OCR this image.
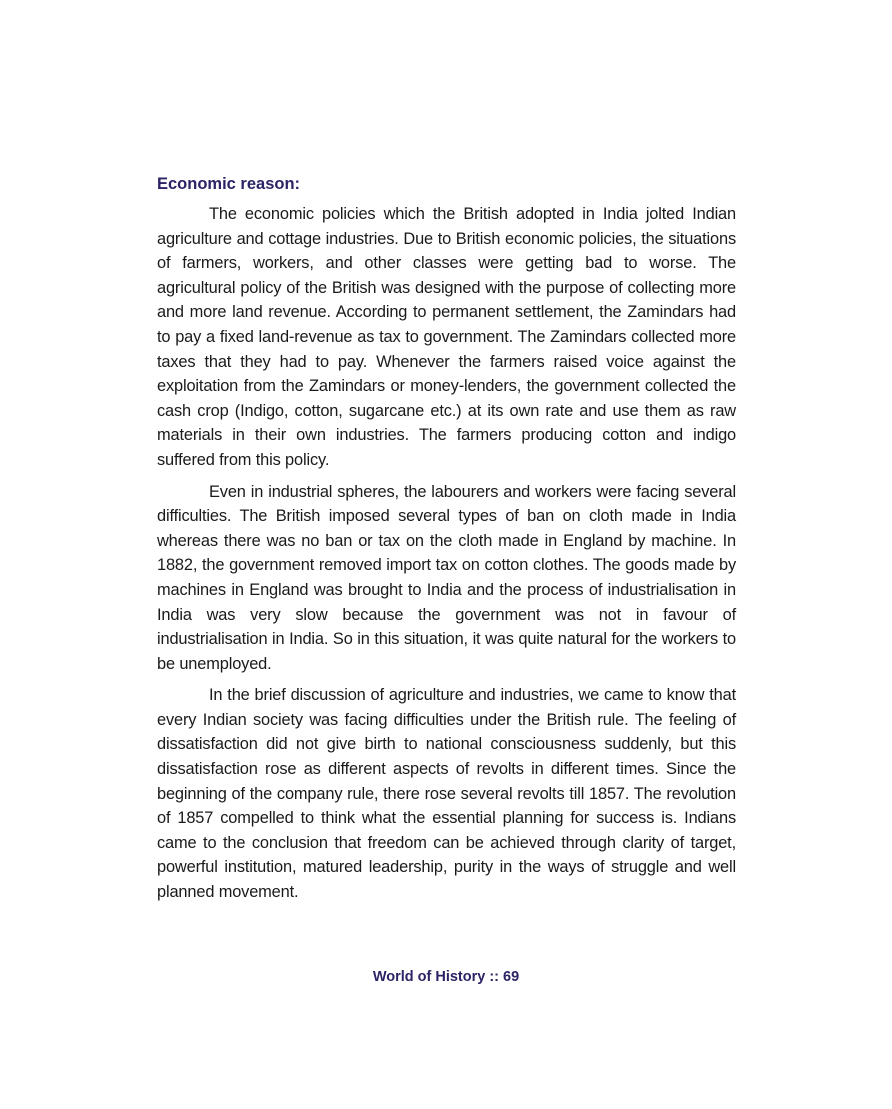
Economic reason:

The economic policies which the British adopted in India jolted Indian agriculture and cottage industries. Due to British economic policies, the situations of farmers, workers, and other classes were getting bad to worse. The agricultural policy of the British was designed with the purpose of collecting more and more land revenue. According to permanent settlement, the Zamindars had to pay a fixed land-revenue as tax to government. The Zamindars collected more taxes that they had to pay. Whenever the farmers raised voice against the exploitation from the Zamindars or money-lenders, the government collected the cash crop (Indigo, cotton, sugarcane etc.) at its own rate and use them as raw materials in their own industries. The farmers producing cotton and indigo suffered from this policy.

Even in industrial spheres, the labourers and workers were facing several difficulties. The British imposed several types of ban on cloth made in India whereas there was no ban or tax on the cloth made in England by machine. In 1882, the government removed import tax on cotton clothes. The goods made by machines in England was brought to India and the process of industrialisation in India was very slow because the government was not in favour of industrialisation in India. So in this situation, it was quite natural for the workers to be unemployed.

In the brief discussion of agriculture and industries, we came to know that every Indian society was facing difficulties under the British rule. The feeling of dissatisfaction did not give birth to national consciousness suddenly, but this dissatisfaction rose as different aspects of revolts in different times. Since the beginning of the company rule, there rose several revolts till 1857. The revolution of 1857 compelled to think what the essential planning for success is. Indians came to the conclusion that freedom can be achieved through clarity of target, powerful institution, matured leadership, purity in the ways of struggle and well planned movement.

World of History :: 69
